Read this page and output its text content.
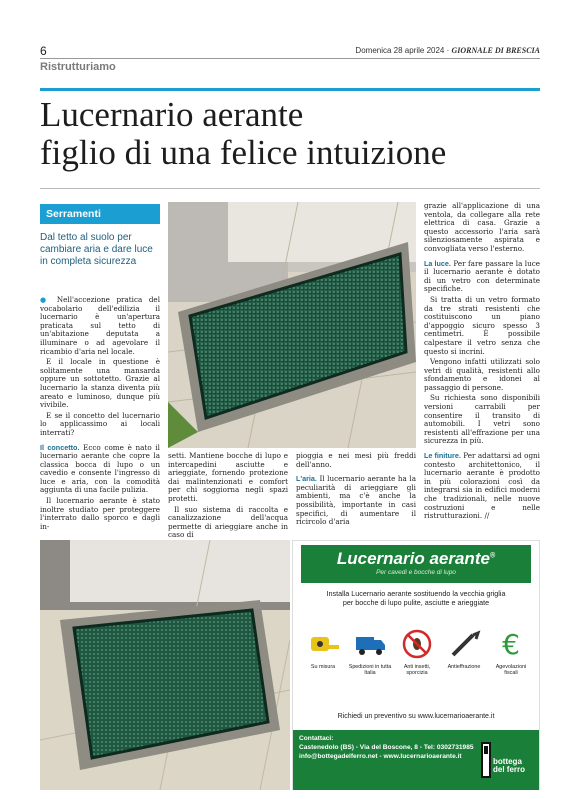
6	Domenica 28 aprile 2024 · GIORNALE DI BRESCIA
Ristrutturiamo
Lucernario aerante
figlio di una felice intuizione
Serramenti
Dal tetto al suolo per cambiare aria e dare luce in completa sicurezza

● Nell'accezione pratica del vocabolario dell'edilizia il lucernario è un'apertura praticata sul tetto di un'abitazione deputata a illuminare o ad agevolare il ricambio d'aria nel locale.

E il locale in questione è solitamente una mansarda oppure un sottotetto. Grazie al lucernario la stanza diventa più areato e luminoso, dunque più vivibile.

E se il concetto del lucernario lo applicassimo ai locali interrati?

Il concetto. Ecco come è nato il lucernario aerante che copre la classica bocca di lupo o un cavedio e consente l'ingresso di luce e aria, con la comodità aggiunta di una facile pulizia.

Il lucernario aerante è stato inoltre studiato per proteggere l'interrato dallo sporco e dagli in-

setti. Mantiene bocche di lupo e intercapedini asciutte e arieggiate, fornendo protezione dai malintenzionati e comfort per chi soggiorna negli spazi protetti.

Il suo sistema di raccolta e canalizzazione dell'acqua permette di arieggiare anche in caso di

pioggia e nei mesi più freddi dell'anno.

L'aria. Il lucernario aerante ha la peculiarità di arieggiare gli ambienti, ma c'è anche la possibilità, importante in casi specifici, di aumentare il ricircolo d'aria

grazie all'applicazione di una ventola, da collegare alla rete elettrica di casa. Grazie a questo accessorio l'aria sarà silenziosamente aspirata e convogliata verso l'esterno.

La luce. Per fare passare la luce il lucernario aerante è dotato di un vetro con determinate specifiche.

Si tratta di un vetro formato da tre strati resistenti che costituiscono un piano d'appoggio sicuro spesso 3 centimetri. È possibile calpestare il vetro senza che questo si incrini.

Vengono infatti utilizzati solo vetri di qualità, resistenti allo sfondamento e idonei al passaggio di persone.

Su richiesta sono disponibili versioni carrabili per consentire il transito di automobili. I vetri sono resistenti all'effrazione per una sicurezza in più.

Le finiture. Per adattarsi ad ogni contesto architettonico, il lucernario aerante è prodotto in più colorazioni così da integrarsi sia in edifici moderni che tradizionali, nelle nuove costruzioni e nelle ristrutturazioni. //

Lucernario aerante®
Per cavedi e bocche di lupo
Installa Lucernario aerante sostituendo la vecchia griglia
per bocche di lupo pulite, asciutte e arieggiate
Su misura	Spedizioni in tutta Italia
Anti insetti, sporcizia
Antieffrazione
€
Agevolazioni fiscali
Richiedi un preventivo su www.lucernarioaerante.it
Contattaci:
Castenedolo (BS) - Via del Boscone, 8 - Tel: 0302731985
info@bottegadelferro.net - www.lucernarioaerante.it
bottega
del ferro
